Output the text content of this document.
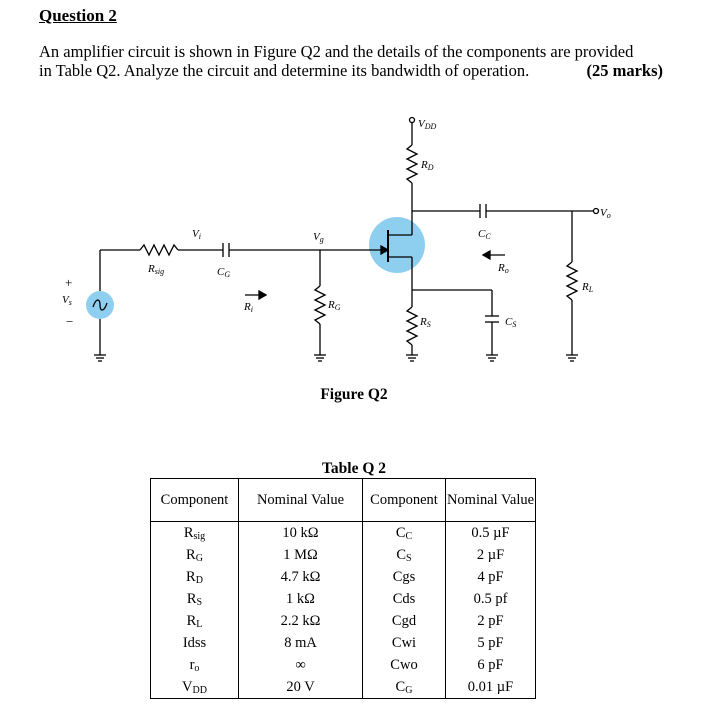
Question 2
An amplifier circuit is shown in Figure Q2 and the details of the components are provided
in Table Q2. Analyze the circuit and determine its bandwidth of operation.	(25 marks)
VDD
RD
CC
Vo
Ro
RL
RS	CS
RG
Vg
Vi
Rsig	CG
Ri
Vs
+
−
Figure Q2
Table Q 2
Component	Nominal Value	Component	Nominal Value
$R_{sig}$	10 kΩ	$C_C$	0.5 µF
$R_G$	1 MΩ	$C_S$	2 µF
$R_D$	4.7 kΩ	Cgs	4 pF
$R_S$	1 kΩ	Cds	0.5 pf
$R_L$	2.2 kΩ	Cgd	2 pF
Idss	8 mA	Cwi	5 pF
$r_o$	∞	Cwo	6 pF
$V_{DD}$	20 V	$C_G$	0.01 µF
